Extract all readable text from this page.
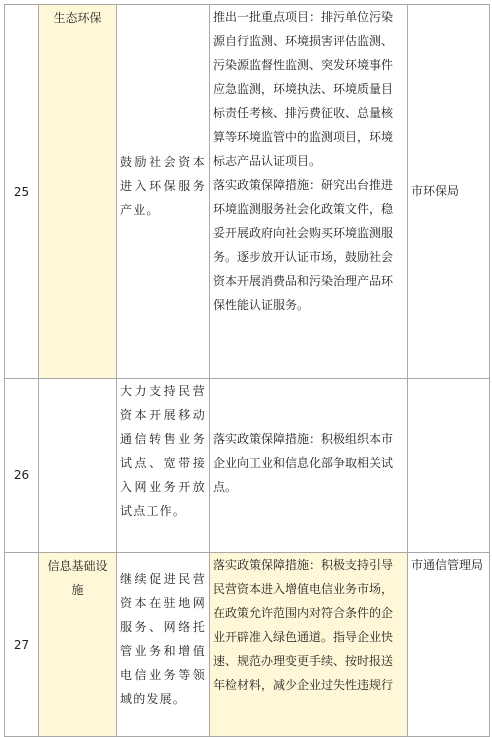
25	生态环保	鼓励社会资本进入环保服务产业。	推出一批重点项目：排污单位污染源自行监测、环境损害评估监测、污染源监督性监测、突发环境事件应急监测，环境执法、环境质量目标责任考核、排污费征收、总量核算等环境监管中的监测项目，环境标志产品认证项目。
落实政策保障措施：研究出台推进环境监测服务社会化政策文件，稳妥开展政府向社会购买环境监测服务。逐步放开认证市场，鼓励社会资本开展消费品和污染治理产品环保性能认证服务。	市环保局
26		大力支持民营资本开展移动通信转售业务试点、宽带接入网业务开放试点工作。	落实政策保障措施：积极组织本市企业向工业和信息化部争取相关试点。	

27	信息基础设施	继续促进民营资本在驻地网服务、网络托管业务和增值电信业务等领域的发展。	落实政策保障措施：积极支持引导民营资本进入增值电信业务市场，在政策允许范围内对符合条件的企业开辟准入绿色通道。指导企业快速、规范办理变更手续、按时报送年检材料，减少企业过失性违规行	市通信管理局
